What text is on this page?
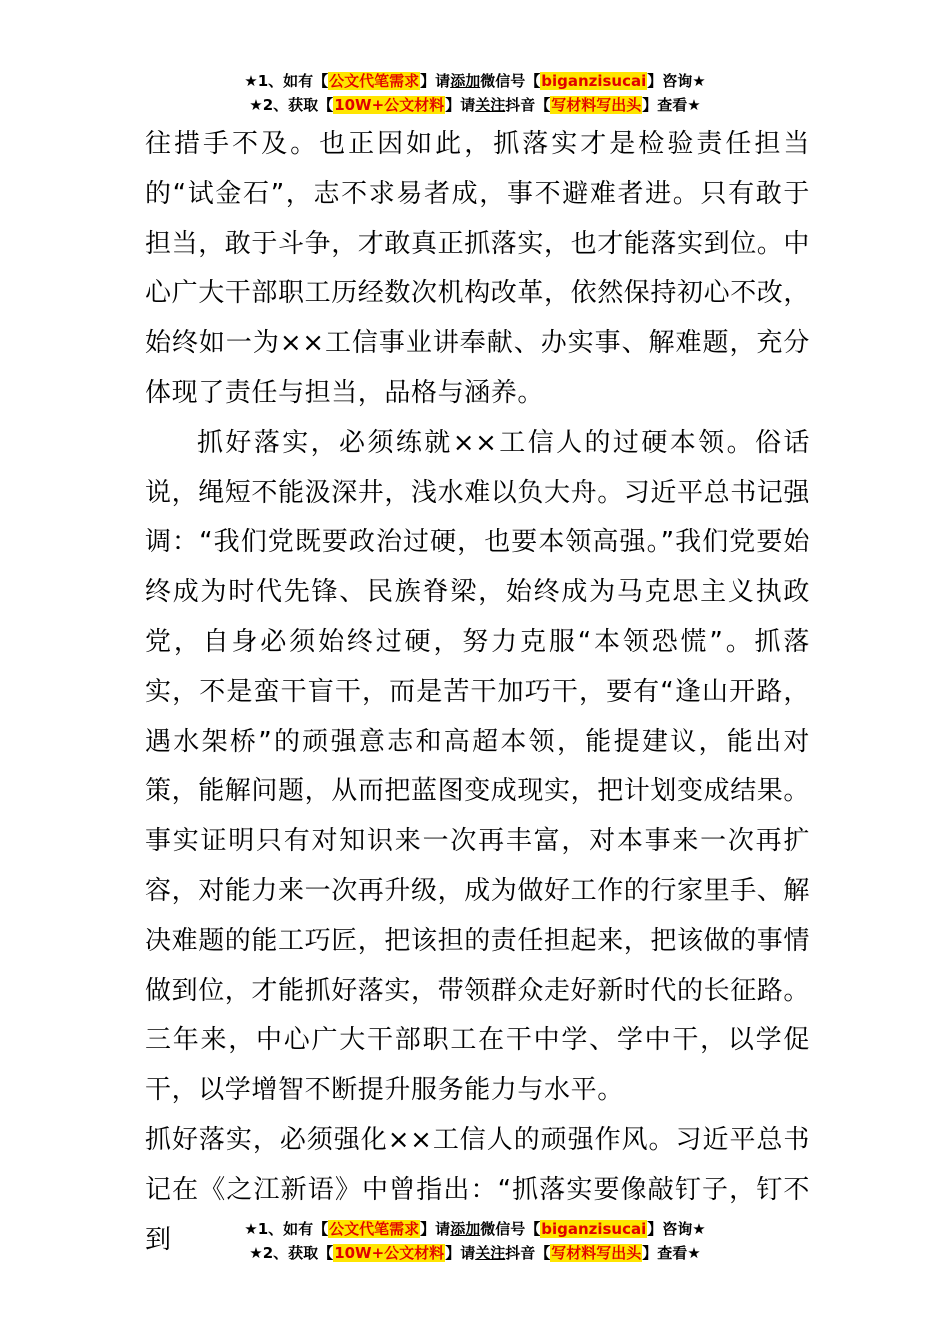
★1、如有【公文代笔需求】请添加微信号【biganzisucai】咨询★
★2、获取【10W+公文材料】请关注抖音【写材料写出头】查看★

往措手不及。也正因如此，抓落实才是检验责任担当的“试金石”，志不求易者成，事不避难者进。只有敢于担当，敢于斗争，才敢真正抓落实，也才能落实到位。中心广大干部职工历经数次机构改革，依然保持初心不改，始终如一为××工信事业讲奉献、办实事、解难题，充分体现了责任与担当，品格与涵养。

抓好落实，必须练就××工信人的过硬本领。俗话说，绳短不能汲深井，浅水难以负大舟。习近平总书记强调：“我们党既要政治过硬，也要本领高强。”我们党要始终成为时代先锋、民族脊梁，始终成为马克思主义执政党，自身必须始终过硬，努力克服“本领恐慌”。抓落实，不是蛮干盲干，而是苦干加巧干，要有“逢山开路，遇水架桥”的顽强意志和高超本领，能提建议，能出对策，能解问题，从而把蓝图变成现实，把计划变成结果。事实证明只有对知识来一次再丰富，对本事来一次再扩容，对能力来一次再升级，成为做好工作的行家里手、解决难题的能工巧匠，把该担的责任担起来，把该做的事情做到位，才能抓好落实，带领群众走好新时代的长征路。三年来，中心广大干部职工在干中学、学中干，以学促干，以学增智不断提升服务能力与水平。

抓好落实，必须强化××工信人的顽强作风。习近平总书记在《之江新语》中曾指出：“抓落实要像敲钉子，钉不到	★1、如有【公文代笔需求】请添加微信号【biganzisucai】咨询★
★2、获取【10W+公文材料】请关注抖音【写材料写出头】查看★
